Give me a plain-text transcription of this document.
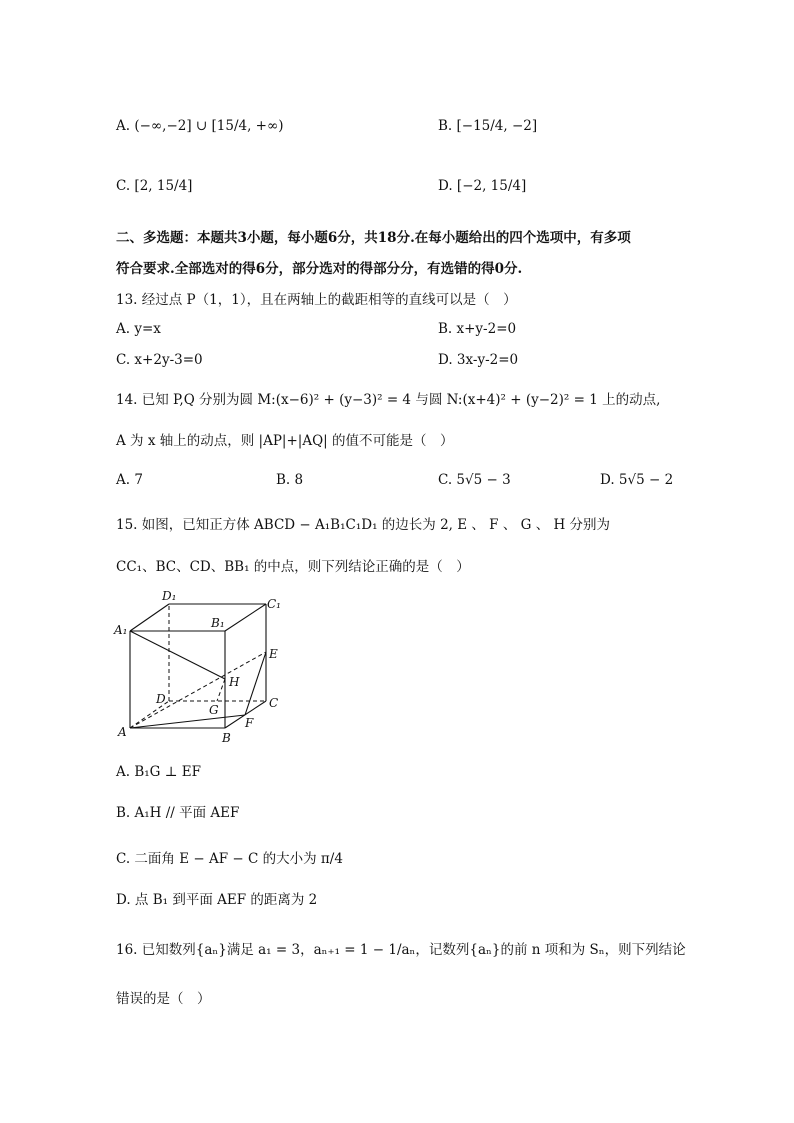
A. (−∞,−2] ∪ [15/4, +∞)	B. [−15/4, −2]
C. [2, 15/4]	D. [−2, 15/4]
二、多选题：本题共3小题，每小题6分，共18分.在每小题给出的四个选项中，有多项
符合要求.全部选对的得6分，部分选对的得部分分，有选错的得0分.
13. 经过点 P（1，1），且在两轴上的截距相等的直线可以是（　）
A. y=x	B. x+y-2=0
C. x+2y-3=0	D. 3x-y-2=0
14. 已知 P,Q 分别为圆 M:(x−6)² + (y−3)² = 4 与圆 N:(x+4)² + (y−2)² = 1 上的动点,
A 为 x 轴上的动点，则 |AP|+|AQ| 的值不可能是（　）
A. 7	B. 8	C. 5√5 − 3	D. 5√5 − 2
15. 如图，已知正方体 ABCD − A₁B₁C₁D₁ 的边长为 2, E 、 F 、 G 、 H 分别为
CC₁、BC、CD、BB₁ 的中点，则下列结论正确的是（　）
D₁
C₁
A₁	B₁
E
H
D
G	C
F
A	B
A. B₁G ⊥ EF
B. A₁H // 平面 AEF
C. 二面角 E − AF − C 的大小为 π/4
D. 点 B₁ 到平面 AEF 的距离为 2
16. 已知数列{aₙ}满足 a₁ = 3，aₙ₊₁ = 1 − 1/aₙ，记数列{aₙ}的前 n 项和为 Sₙ，则下列结论
错误的是（　）
